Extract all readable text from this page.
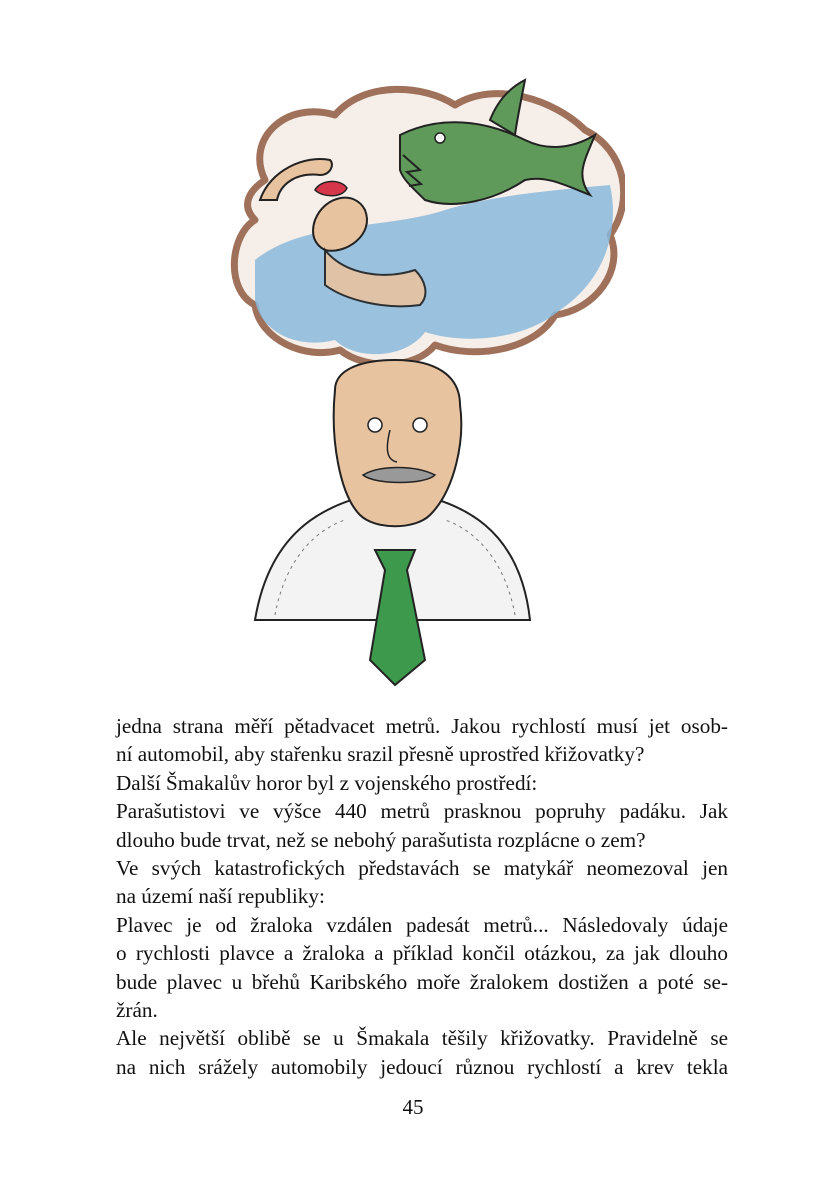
jedna strana měří pětadvacet metrů. Jakou rychlostí musí jet osob-
ní automobil, aby stařenku srazil přesně uprostřed křižovatky?
Další Šmakalův horor byl z vojenského prostředí:
Parašutistovi ve výšce 440 metrů prasknou popruhy padáku. Jak
dlouho bude trvat, než se nebohý parašutista rozplácne o zem?
Ve svých katastrofických představách se matykář neomezoval jen
na území naší republiky:
Plavec je od žraloka vzdálen padesát metrů... Následovaly údaje
o rychlosti plavce a žraloka a příklad končil otázkou, za jak dlouho
bude plavec u břehů Karibského moře žralokem dostižen a poté se-
žrán.
Ale největší oblibě se u Šmakala těšily křižovatky. Pravidelně se
na nich srážely automobily jedoucí různou rychlostí a krev tekla
45
